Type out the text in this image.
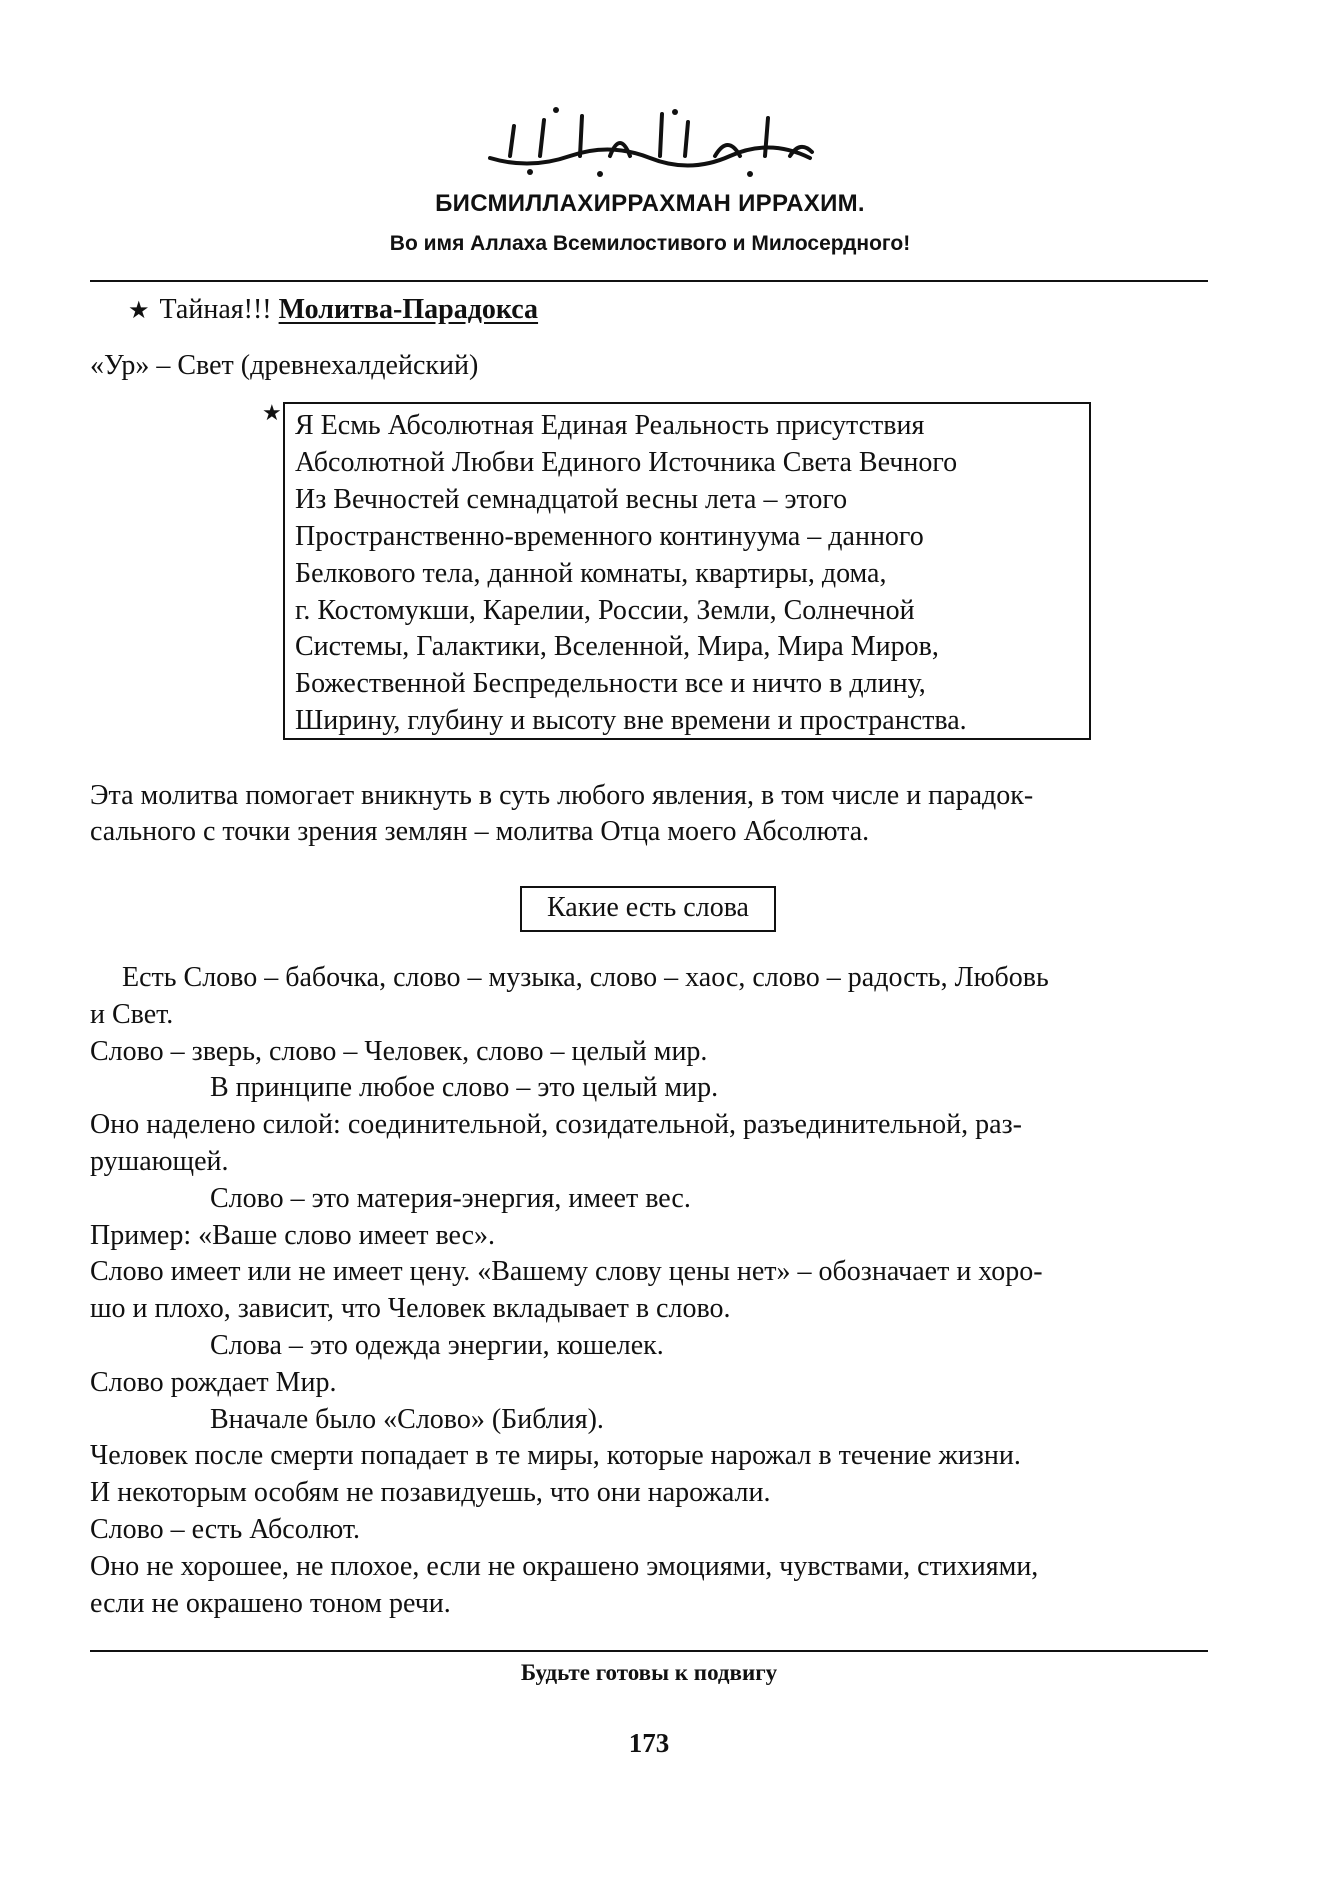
БИСМИЛЛАХИРРАХМАН ИРРАХИМ.
Во имя Аллаха Всемилостивого и Милосердного!
★ Тайная!!! Молитва-Парадокса
«Ур» – Свет (древнехалдейский)
★ Я Есмь Абсолютная Единая Реальность присутствия
Абсолютной Любви Единого Источника Света Вечного
Из Вечностей семнадцатой весны лета – этого
Пространственно-временного континуума – данного
Белкового тела, данной комнаты, квартиры, дома,
г. Костомукши, Карелии, России, Земли, Солнечной
Системы, Галактики, Вселенной, Мира, Мира Миров,
Божественной Беспредельности все и ничто в длину,
Ширину, глубину и высоту вне времени и пространства.
Эта молитва помогает вникнуть в суть любого явления, в том числе и парадок-
сального с точки зрения землян – молитва Отца моего Абсолюта.
Какие есть слова
Есть Слово – бабочка, слово – музыка, слово – хаос, слово – радость, Любовь
и Свет.
Слово – зверь, слово – Человек, слово – целый мир.
В принципе любое слово – это целый мир.
Оно наделено силой: соединительной, созидательной, разъединительной, раз-
рушающей.
Слово – это материя-энергия, имеет вес.
Пример: «Ваше слово имеет вес».
Слово имеет или не имеет цену. «Вашему слову цены нет» – обозначает и хоро-
шо и плохо, зависит, что Человек вкладывает в слово.
Слова – это одежда энергии, кошелек.
Слово рождает Мир.
Вначале было «Слово» (Библия).
Человек после смерти попадает в те миры, которые нарожал в течение жизни.
И некоторым особям не позавидуешь, что они нарожали.
Слово – есть Абсолют.
Оно не хорошее, не плохое, если не окрашено эмоциями, чувствами, стихиями,
если не окрашено тоном речи.
Будьте готовы к подвигу
173
